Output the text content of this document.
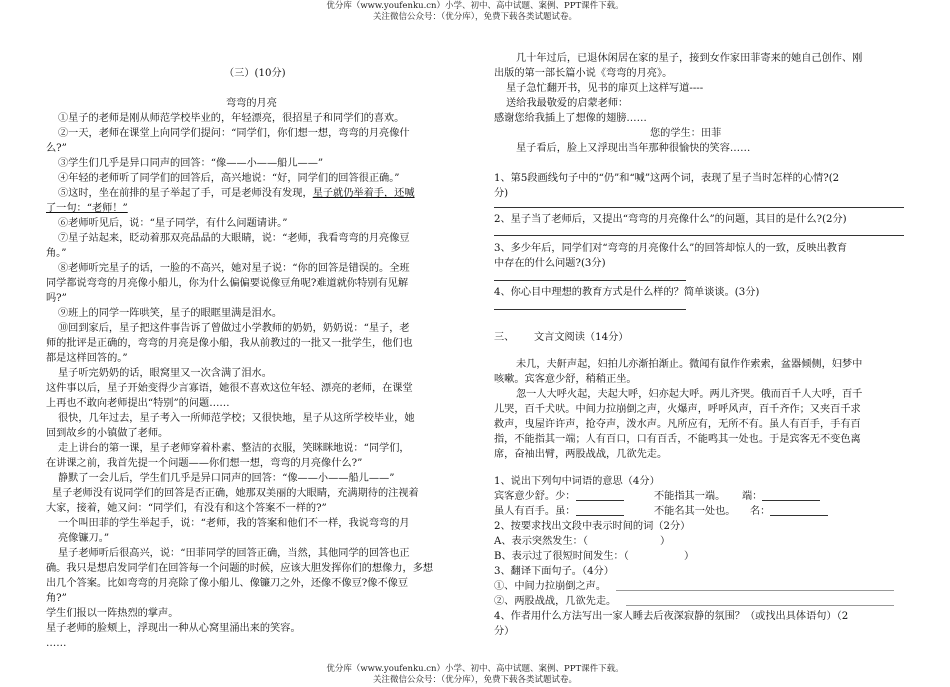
优分库（www.youfenku.cn）小学、初中、高中试题、案例、PPT课件下载。
关注微信公众号：（优分库），免费下载各类试题试卷。
（三）(10分)
弯弯的月亮
①星子的老师是刚从师范学校毕业的，年轻漂亮，很招星子和同学们的喜欢。
②一天，老师在课堂上向同学们提问：“同学们，你们想一想，弯弯的月亮像什
么?”
③学生们几乎是异口同声的回答：“像——小——船儿——”
④年轻的老师听了同学们的回答后，高兴地说：“好，同学们的回答很正确。”
⑤这时，坐在前排的星子举起了手，可是老师没有发现，星子就仍举着手，还喊
了一句：“老师！”
⑥老师听见后，说：“星子同学，有什么问题请讲。”
⑦星子站起来，眨动着那双亮晶晶的大眼睛，说：“老师，我看弯弯的月亮像豆
角。”
⑧老师听完星子的话，一脸的不高兴，她对星子说：“你的回答是错误的。全班
同学都说弯弯的月亮像小船儿，你为什么偏偏要说像豆角呢?难道就你特别有见解
吗?”
⑨班上的同学一阵哄笑，星子的眼眶里满是泪水。
⑩回到家后，星子把这件事告诉了曾做过小学教师的奶奶，奶奶说：“星子，老
师的批评是正确的，弯弯的月亮是像小船，我从前教过的一批又一批学生，他们也
都是这样回答的。”
星子听完奶奶的话，眼窝里又一次含满了泪水。
这件事以后，星子开始变得少言寡语，她很不喜欢这位年轻、漂亮的老师，在课堂
上再也不敢向老师提出“特别”的问题……
很快，几年过去，星子考入一所师范学校；又很快地，星子从这所学校毕业，她
回到故乡的小镇做了老师。
走上讲台的第一课，星子老师穿着朴素、整洁的衣服，笑眯眯地说：“同学们，
在讲课之前，我首先提一个问题——你们想一想，弯弯的月亮像什么?”
静默了一会儿后，学生们几乎是异口同声的回答：“像——小——船儿——”
星子老师没有说同学们的回答是否正确，她那双美丽的大眼睛，充满期待的注视着
大家，接着，她又问：“同学们，有没有和这个答案不一样的?”
一个叫田菲的学生举起手，说：“老师，我的答案和他们不一样，我说弯弯的月
亮像镰刀。”
星子老师听后很高兴，说：“田菲同学的回答正确，当然，其他同学的回答也正
确。我只是想启发同学们在回答每一个问题的时候，应该大胆发挥你们的想像力，多想
出几个答案。比如弯弯的月亮除了像小船儿、像镰刀之外，还像不像豆?像不像豆
角?”
学生们报以一阵热烈的掌声。
星子老师的脸颊上，浮现出一种从心窝里涌出来的笑容。
……
几十年过后，已退休闲居在家的星子，接到女作家田菲寄来的她自己创作、刚
出版的第一部长篇小说《弯弯的月亮》。
星子急忙翻开书，见书的扉页上这样写道----
送给我最敬爱的启蒙老师：
感谢您给我插上了想像的翅膀……
您的学生：田菲
星子看后，脸上又浮现出当年那种很愉快的笑容……
1、第5段画线句子中的“仍”和“喊”这两个词，表现了星子当时怎样的心情?(2
分)
2、星子当了老师后，又提出“弯弯的月亮像什么”的问题，其目的是什么?(2分)
3、多少年后，同学们对“弯弯的月亮像什么”的回答却惊人的一致，反映出教育
中存在的什么问题?(3分)
4、你心目中理想的教育方式是什么样的？简单谈谈。(3分)
三、 文言文阅读（14分）
未几，夫鼾声起，妇拍儿亦渐拍渐止。微闻有鼠作作索索，盆器倾侧，妇梦中
咳嗽。宾客意少舒，稍稍正坐。
忽一人大呼火起，夫起大呼，妇亦起大呼。两儿齐哭。俄而百千人大呼，百千
儿哭，百千犬吠。中间力拉崩倒之声，火爆声，呼呼风声，百千齐作；又夹百千求
救声，曳屋许许声，抢夺声，泼水声。凡所应有，无所不有。虽人有百手，手有百
指，不能指其一端；人有百口，口有百舌，不能鸣其一处也。于是宾客无不变色离
席，奋袖出臂，两股战战，几欲先走。
1、说出下列句中词语的意思（4分）
宾客意少舒。少：	不能指其一端。 端：
虽人有百手。虽：	不能名其一处也。 名：
2、按要求找出文段中表示时间的词（2分）
A、表示突然发生：（	）
B、表示过了很短时间发生：（	）
3、翻译下面句子。（4分）
①、中间力拉崩倒之声。
②、两股战战，几欲先走。
4、作者用什么方法写出一家人睡去后夜深寂静的氛围？（或找出具体语句）（2
分）
优分库（www.youfenku.cn）小学、初中、高中试题、案例、PPT课件下载。
关注微信公众号：（优分库），免费下载各类试题试卷。
